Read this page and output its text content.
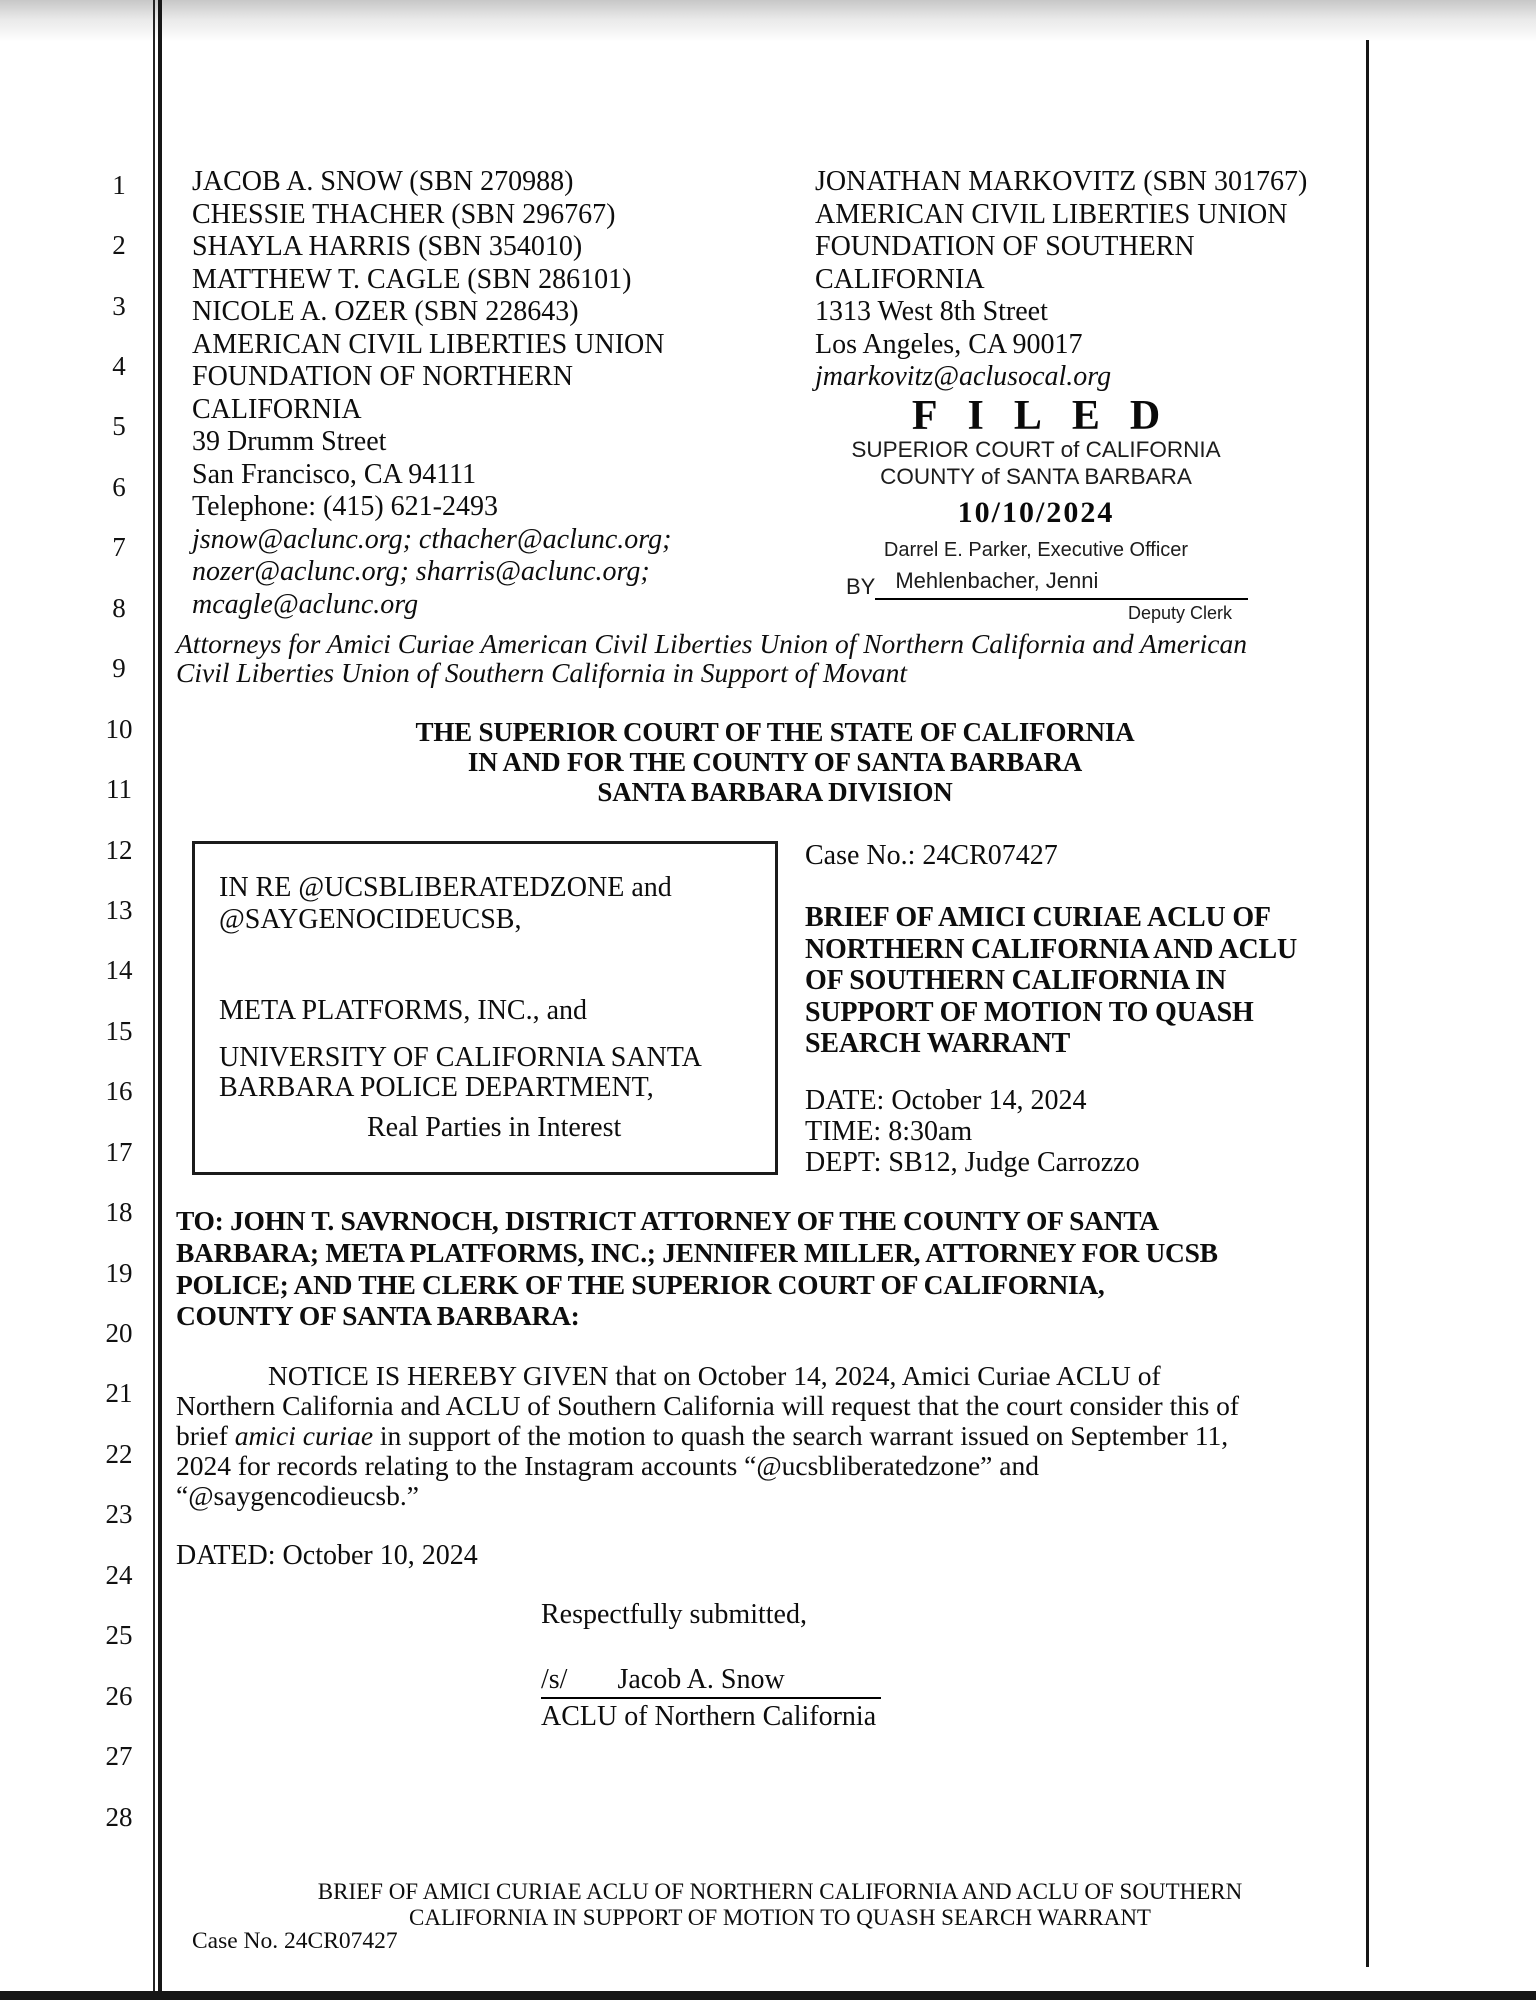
1
2
3
4
5
6
7
8
9
10
11
12
13
14
15
16
17
18
19
20
21
22
23
24
25
26
27
28
JACOB A. SNOW (SBN 270988)
CHESSIE THACHER (SBN 296767)
SHAYLA HARRIS (SBN 354010)
MATTHEW T. CAGLE (SBN 286101)
NICOLE A. OZER (SBN 228643)
AMERICAN CIVIL LIBERTIES UNION
FOUNDATION OF NORTHERN
CALIFORNIA
39 Drumm Street
San Francisco, CA 94111
Telephone: (415) 621-2493
jsnow@aclunc.org; cthacher@aclunc.org;
nozer@aclunc.org; sharris@aclunc.org;
mcagle@aclunc.org
JONATHAN MARKOVITZ (SBN 301767)
AMERICAN CIVIL LIBERTIES UNION
FOUNDATION OF SOUTHERN
CALIFORNIA
1313 West 8th Street
Los Angeles, CA 90017
jmarkovitz@aclusocal.org
FILED
SUPERIOR COURT of CALIFORNIA
COUNTY of SANTA BARBARA
10/10/2024
Darrel E. Parker, Executive Officer
BY Mehlenbacher, Jenni
Deputy Clerk
Attorneys for Amici Curiae American Civil Liberties Union of Northern California and American
Civil Liberties Union of Southern California in Support of Movant
THE SUPERIOR COURT OF THE STATE OF CALIFORNIA
IN AND FOR THE COUNTY OF SANTA BARBARA
SANTA BARBARA DIVISION
IN RE @UCSBLIBERATEDZONE and
@SAYGENOCIDEUCSB,
META PLATFORMS, INC., and
UNIVERSITY OF CALIFORNIA SANTA
BARBARA POLICE DEPARTMENT,
Real Parties in Interest
Case No.: 24CR07427
BRIEF OF AMICI CURIAE ACLU OF
NORTHERN CALIFORNIA AND ACLU
OF SOUTHERN CALIFORNIA IN
SUPPORT OF MOTION TO QUASH
SEARCH WARRANT
DATE: October 14, 2024
TIME: 8:30am
DEPT: SB12, Judge Carrozzo
TO: JOHN T. SAVRNOCH, DISTRICT ATTORNEY OF THE COUNTY OF SANTA
BARBARA; META PLATFORMS, INC.; JENNIFER MILLER, ATTORNEY FOR UCSB
POLICE; AND THE CLERK OF THE SUPERIOR COURT OF CALIFORNIA,
COUNTY OF SANTA BARBARA:
NOTICE IS HEREBY GIVEN that on October 14, 2024, Amici Curiae ACLU of
Northern California and ACLU of Southern California will request that the court consider this of
brief amici curiae in support of the motion to quash the search warrant issued on September 11,
2024 for records relating to the Instagram accounts “@ucsbliberatedzone” and
“@saygencodieucsb.”
DATED: October 10, 2024
Respectfully submitted,
/s/ Jacob A. Snow
ACLU of Northern California
BRIEF OF AMICI CURIAE ACLU OF NORTHERN CALIFORNIA AND ACLU OF SOUTHERN
CALIFORNIA IN SUPPORT OF MOTION TO QUASH SEARCH WARRANT
Case No. 24CR07427
